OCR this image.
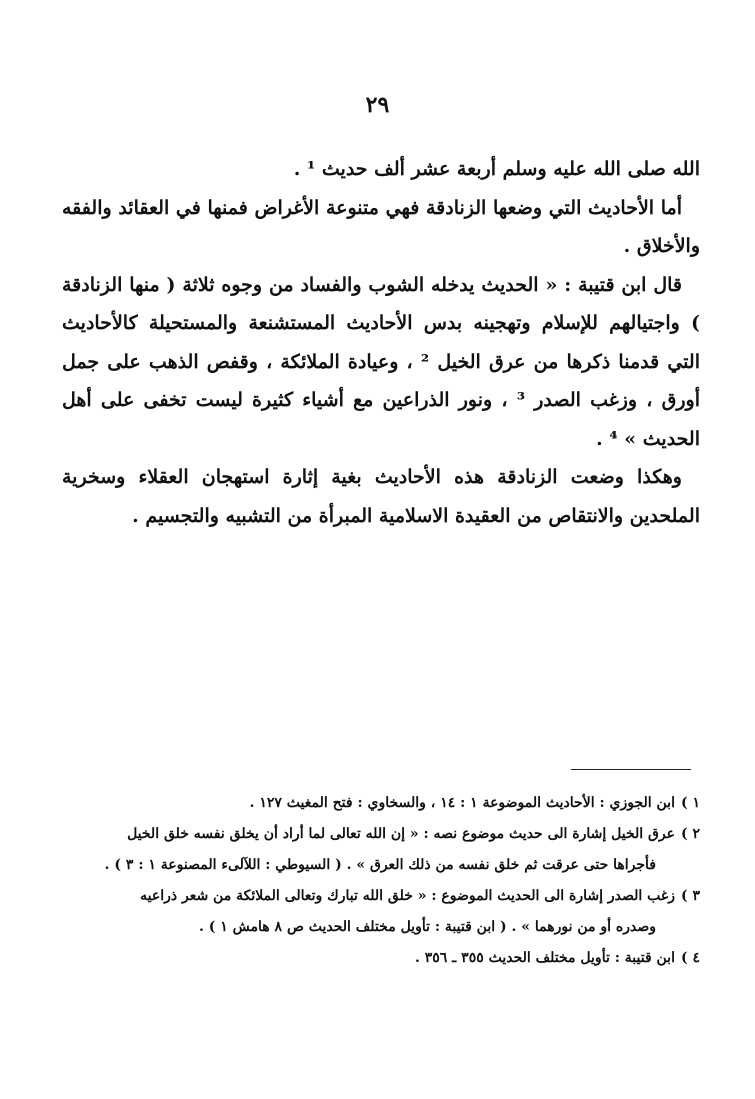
٢٩

الله صلى الله عليه وسلم أربعة عشر ألف حديث ¹ .

أما الأحاديث التي وضعها الزنادقة فهي متنوعة الأغراض فمنها في العقائد والفقه والأخلاق .

قال ابن قتيبة : « الحديث يدخله الشوب والفساد من وجوه ثلاثة ( منها الزنادقة ) واجتيالهم للإسلام وتهجينه بدس الأحاديث المستشنعة والمستحيلة كالأحاديث التي قدمنا ذكرها من عرق الخيل ² ، وعيادة الملائكة ، وقفص الذهب على جمل أورق ، وزغب الصدر ³ ، ونور الذراعين مع أشياء كثيرة ليست تخفى على أهل الحديث » ⁴ .

وهكذا وضعت الزنادقة هذه الأحاديث بغية إثارة استهجان العقلاء وسخرية الملحدين والانتقاص من العقيدة الاسلامية المبرأة من التشبيه والتجسيم .

١ )ابن الجوزي : الأحاديث الموضوعة ١ : ١٤ ، والسخاوي : فتح المغيث ١٢٧ .

٢ )عرق الخيل إشارة الى حديث موضوع نصه : « إن الله تعالى لما أراد أن يخلق نفسه خلق الخيل

فأجراها حتى عرقت ثم خلق نفسه من ذلك العرق » . ( السيوطي : اللآلىء المصنوعة ١ : ٣ ) .

٣ )زغب الصدر إشارة الى الحديث الموضوع : « خلق الله تبارك وتعالى الملائكة من شعر ذراعيه

وصدره أو من نورهما » . ( ابن قتيبة : تأويل مختلف الحديث ص ٨ هامش ١ ) .

٤ )ابن قتيبة : تأويل مختلف الحديث ٣٥٥ ـ ٣٥٦ .
